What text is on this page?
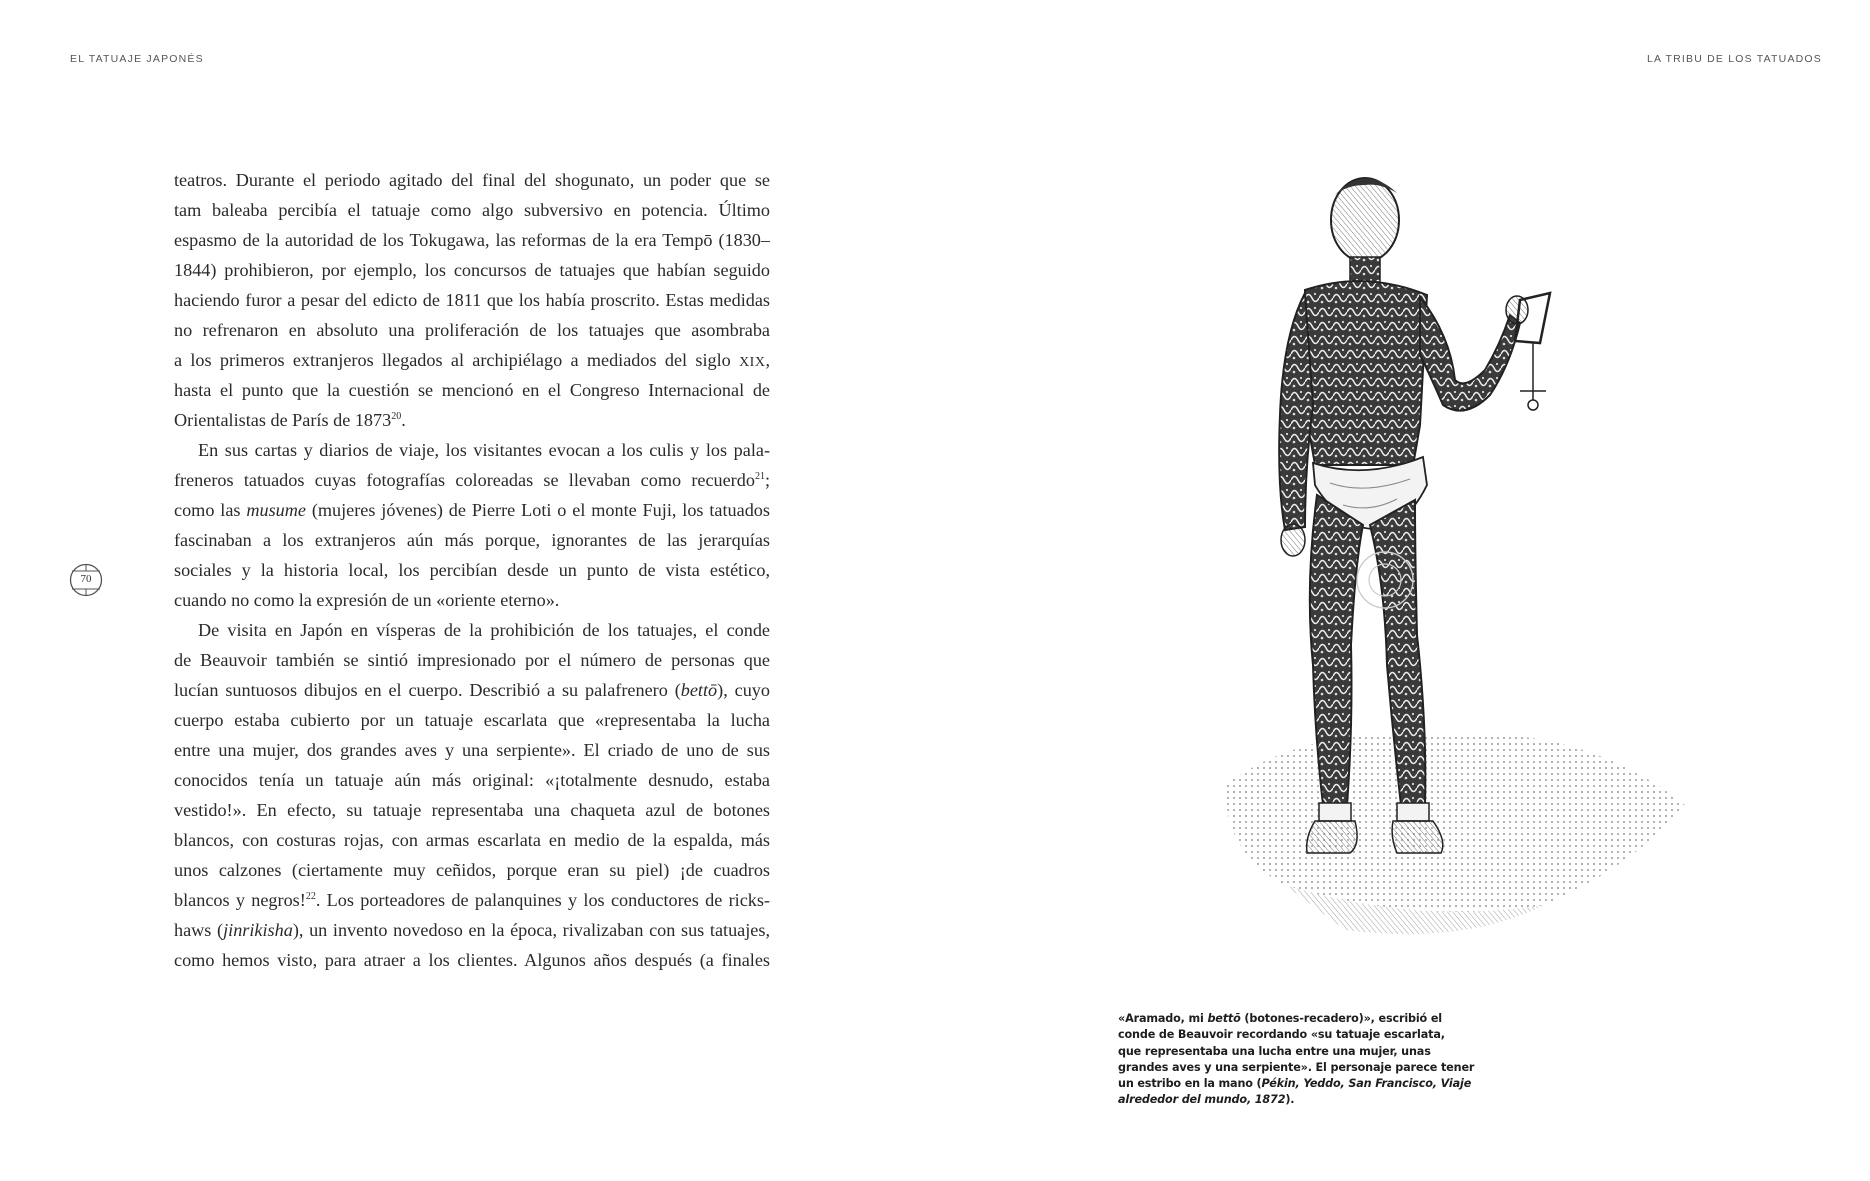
EL TATUAJE JAPONÉS	LA TRIBU DE LOS TATUADOS
70
teatros. Durante el periodo agitado del final del shogunato, un poder que se
tam baleaba percibía el tatuaje como algo subversivo en potencia. Último
espasmo de la autoridad de los Tokugawa, las reformas de la era Tempō (1830–
1844) prohibieron, por ejemplo, los concursos de tatuajes que habían seguido
haciendo furor a pesar del edicto de 1811 que los había proscrito. Estas medidas
no refrenaron en absoluto una proliferación de los tatuajes que asombraba
a los primeros extranjeros llegados al archipiélago a mediados del siglo XIX,
hasta el punto que la cuestión se mencionó en el Congreso Internacional de
Orientalistas de París de 1873$^{20}$.
En sus cartas y diarios de viaje, los visitantes evocan a los culis y los pala-
freneros tatuados cuyas fotografías coloreadas se llevaban como recuerdo$^{21}$;
como las musume (mujeres jóvenes) de Pierre Loti o el monte Fuji, los tatuados
fascinaban a los extranjeros aún más porque, ignorantes de las jerarquías
sociales y la historia local, los percibían desde un punto de vista estético,
cuando no como la expresión de un «oriente eterno».
De visita en Japón en vísperas de la prohibición de los tatuajes, el conde
de Beauvoir también se sintió impresionado por el número de personas que
lucían suntuosos dibujos en el cuerpo. Describió a su palafrenero (bettō), cuyo
cuerpo estaba cubierto por un tatuaje escarlata que «representaba la lucha
entre una mujer, dos grandes aves y una serpiente». El criado de uno de sus
conocidos tenía un tatuaje aún más original: «¡totalmente desnudo, estaba
vestido!». En efecto, su tatuaje representaba una chaqueta azul de botones
blancos, con costuras rojas, con armas escarlata en medio de la espalda, más
unos calzones (ciertamente muy ceñidos, porque eran su piel) ¡de cuadros
blancos y negros!$^{22}$. Los porteadores de palanquines y los conductores de ricks-
haws (jinrikisha), un invento novedoso en la época, rivalizaban con sus tatuajes,
como hemos visto, para atraer a los clientes. Algunos años después (a finales
«Aramado, mi bettō (botones-recadero)», escribió el
conde de Beauvoir recordando «su tatuaje escarlata,
que representaba una lucha entre una mujer, unas
grandes aves y una serpiente». El personaje parece tener
un estribo en la mano (Pékin, Yeddo, San Francisco, Viaje
alrededor del mundo, 1872).
